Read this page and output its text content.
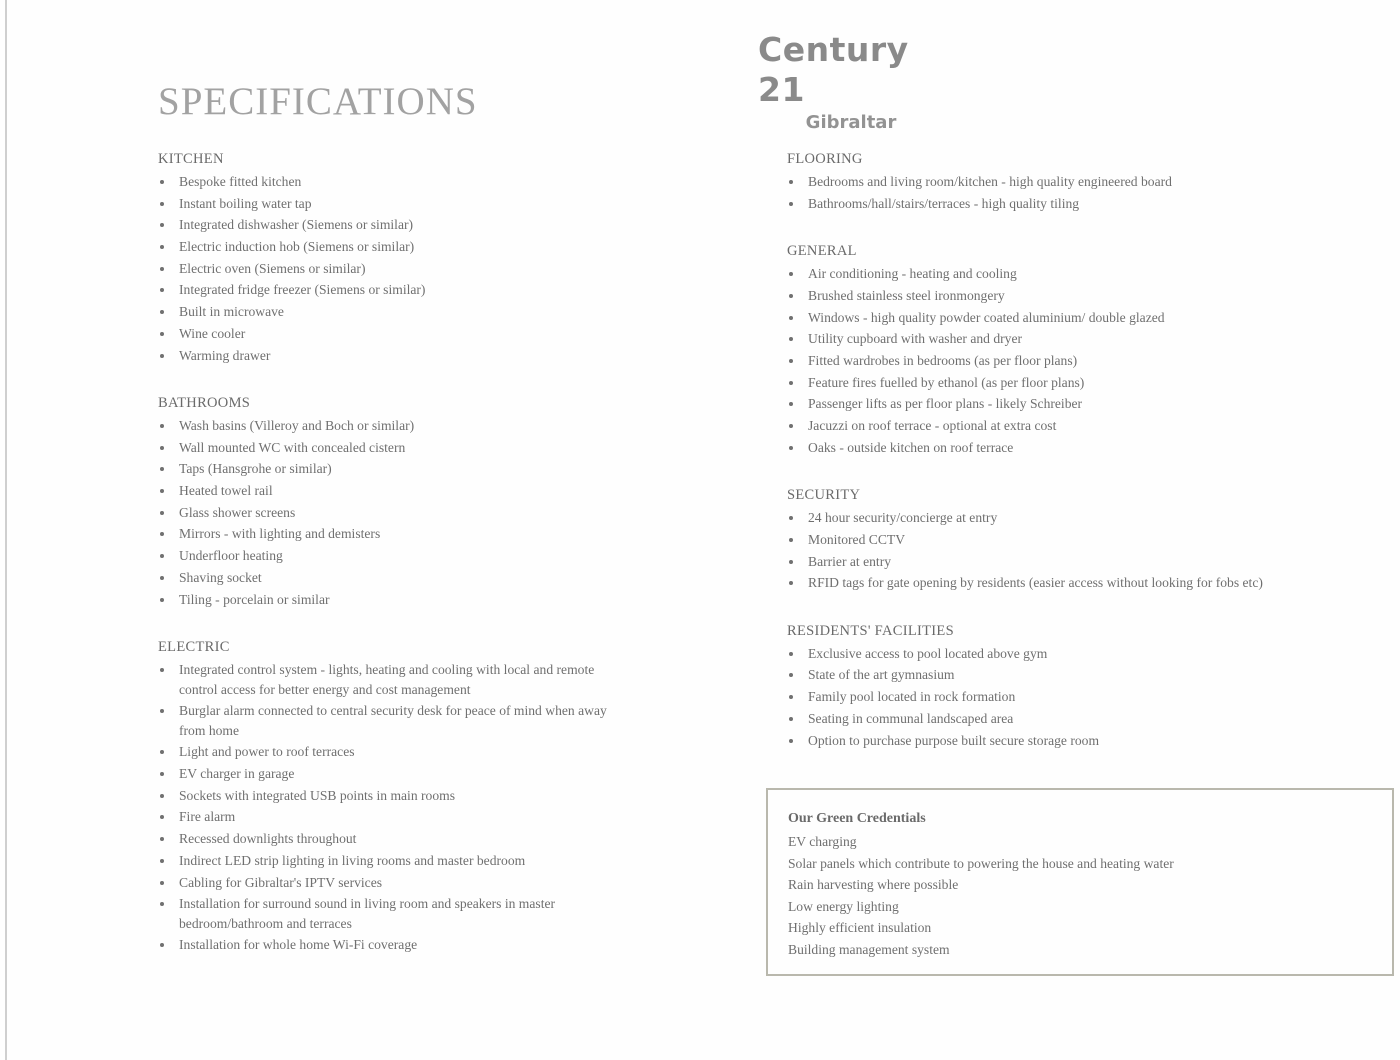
Century 21
Gibraltar
SPECIFICATIONS
KITCHEN
Bespoke fitted kitchen
Instant boiling water tap
Integrated dishwasher (Siemens or similar)
Electric induction hob (Siemens or similar)
Electric oven (Siemens or similar)
Integrated fridge freezer (Siemens or similar)
Built in microwave
Wine cooler
Warming drawer
BATHROOMS
Wash basins (Villeroy and Boch or similar)
Wall mounted WC with concealed cistern
Taps (Hansgrohe or similar)
Heated towel rail
Glass shower screens
Mirrors - with lighting and demisters
Underfloor heating
Shaving socket
Tiling - porcelain or similar
ELECTRIC
Integrated control system - lights, heating and cooling with local and remote control access for better energy and cost management
Burglar alarm connected to central security desk for peace of mind when away from home
Light and power to roof terraces
EV charger in garage
Sockets with integrated USB points in main rooms
Fire alarm
Recessed downlights throughout
Indirect LED strip lighting in living rooms and master bedroom
Cabling for Gibraltar's IPTV services
Installation for surround sound in living room and speakers in master bedroom/bathroom and terraces
Installation for whole home Wi-Fi coverage
FLOORING
Bedrooms and living room/kitchen - high quality engineered board
Bathrooms/hall/stairs/terraces - high quality tiling
GENERAL
Air conditioning - heating and cooling
Brushed stainless steel ironmongery
Windows - high quality powder coated aluminium/ double glazed
Utility cupboard with washer and dryer
Fitted wardrobes in bedrooms (as per floor plans)
Feature fires fuelled by ethanol (as per floor plans)
Passenger lifts as per floor plans - likely Schreiber
Jacuzzi on roof terrace - optional at extra cost
Oaks - outside kitchen on roof terrace
SECURITY
24 hour security/concierge at entry
Monitored CCTV
Barrier at entry
RFID tags for gate opening by residents (easier access without looking for fobs etc)
RESIDENTS' FACILITIES
Exclusive access to pool located above gym
State of the art gymnasium
Family pool located in rock formation
Seating in communal landscaped area
Option to purchase purpose built secure storage room
Our Green Credentials
EV charging
Solar panels which contribute to powering the house and heating water
Rain harvesting where possible
Low energy lighting
Highly efficient insulation
Building management system
